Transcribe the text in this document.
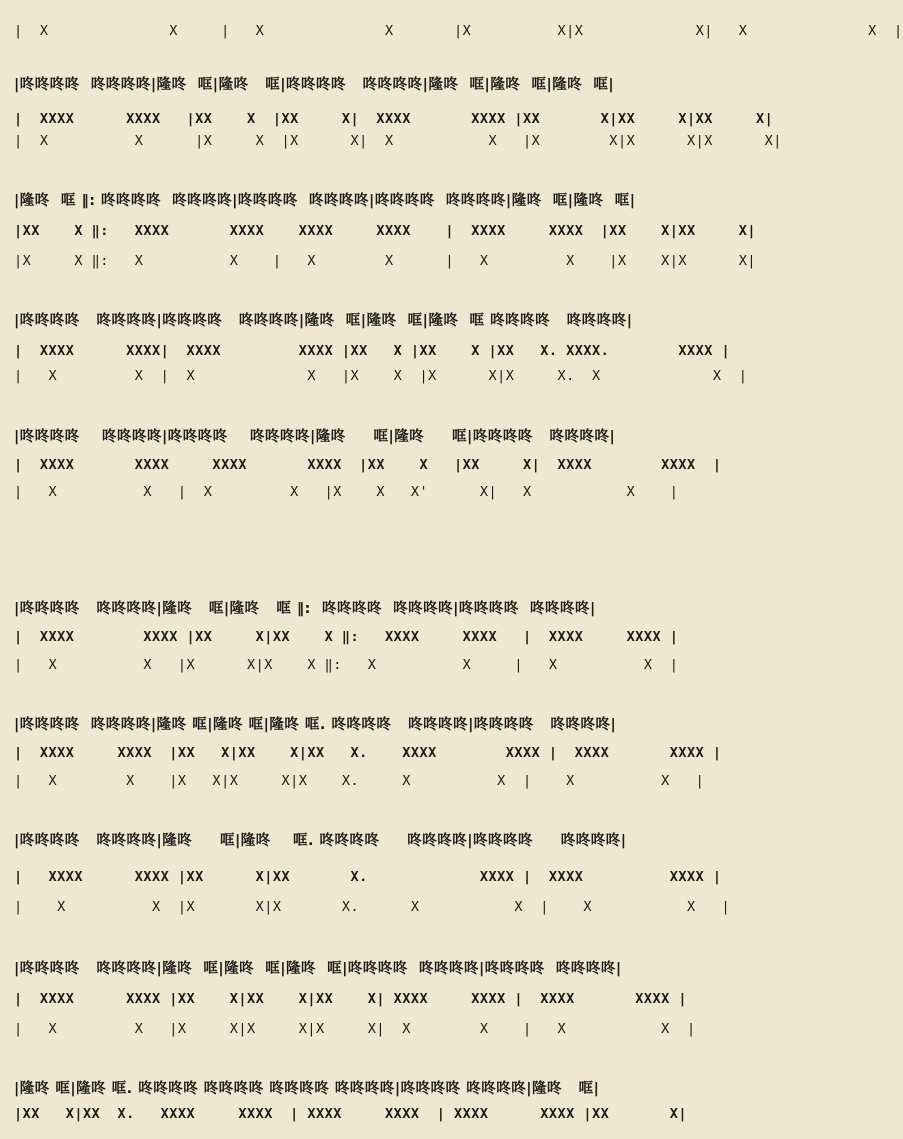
|  X              X     |   X              X       |X          X|X             X|   X              X  |
|咚咚咚咚  咚咚咚咚|隆咚  哐|隆咚   哐|咚咚咚咚   咚咚咚咚|隆咚  哐|隆咚  哐|隆咚  哐|
|  XXXX      XXXX   |XX    X  |XX     X|  XXXX       XXXX |XX       X|XX     X|XX     X|
|  X          X      |X     X  |X      X|  X           X   |X        X|X      X|X      X|
|隆咚  哐 ‖: 咚咚咚咚  咚咚咚咚|咚咚咚咚  咚咚咚咚|咚咚咚咚  咚咚咚咚|隆咚  哐|隆咚  哐|
|XX    X ‖:   XXXX       XXXX    XXXX     XXXX    |  XXXX     XXXX  |XX    X|XX     X|
|X     X ‖:   X          X    |   X        X      |   X         X    |X    X|X      X|
|咚咚咚咚   咚咚咚咚|咚咚咚咚   咚咚咚咚|隆咚  哐|隆咚  哐|隆咚  哐 咚咚咚咚   咚咚咚咚|
|  XXXX      XXXX|  XXXX         XXXX |XX   X |XX    X |XX   X. XXXX.        XXXX |
|   X         X  |  X             X   |X    X  |X      X|X     X.  X             X  |
|咚咚咚咚    咚咚咚咚|咚咚咚咚    咚咚咚咚|隆咚     哐|隆咚     哐|咚咚咚咚   咚咚咚咚|
|  XXXX       XXXX     XXXX       XXXX  |XX    X   |XX     X|  XXXX        XXXX  |
|   X          X   |  X         X   |X    X   X'      X|   X           X    |
|咚咚咚咚   咚咚咚咚|隆咚   哐|隆咚   哐 ‖:  咚咚咚咚  咚咚咚咚|咚咚咚咚  咚咚咚咚|
|  XXXX        XXXX |XX     X|XX    X ‖:   XXXX     XXXX   |  XXXX     XXXX |
|   X          X   |X      X|X    X ‖:   X          X     |   X          X  |
|咚咚咚咚  咚咚咚咚|隆咚 哐|隆咚 哐|隆咚 哐. 咚咚咚咚   咚咚咚咚|咚咚咚咚   咚咚咚咚|
|  XXXX     XXXX  |XX   X|XX    X|XX   X.    XXXX        XXXX |  XXXX       XXXX |
|   X        X    |X   X|X     X|X    X.     X          X  |    X          X   |
|咚咚咚咚   咚咚咚咚|隆咚     哐|隆咚    哐. 咚咚咚咚     咚咚咚咚|咚咚咚咚     咚咚咚咚|
|   XXXX      XXXX |XX      X|XX       X.             XXXX |  XXXX          XXXX |
|    X          X  |X       X|X       X.      X           X  |    X           X   |
|咚咚咚咚   咚咚咚咚|隆咚  哐|隆咚  哐|隆咚  哐|咚咚咚咚  咚咚咚咚|咚咚咚咚  咚咚咚咚|
|  XXXX      XXXX |XX    X|XX    X|XX    X| XXXX     XXXX |  XXXX       XXXX |
|   X         X   |X     X|X     X|X     X|  X        X    |   X           X  |
|隆咚 哐|隆咚 哐. 咚咚咚咚 咚咚咚咚 咚咚咚咚 咚咚咚咚|咚咚咚咚 咚咚咚咚|隆咚   哐|
|XX   X|XX  X.   XXXX     XXXX  | XXXX     XXXX  | XXXX      XXXX |XX       X|
